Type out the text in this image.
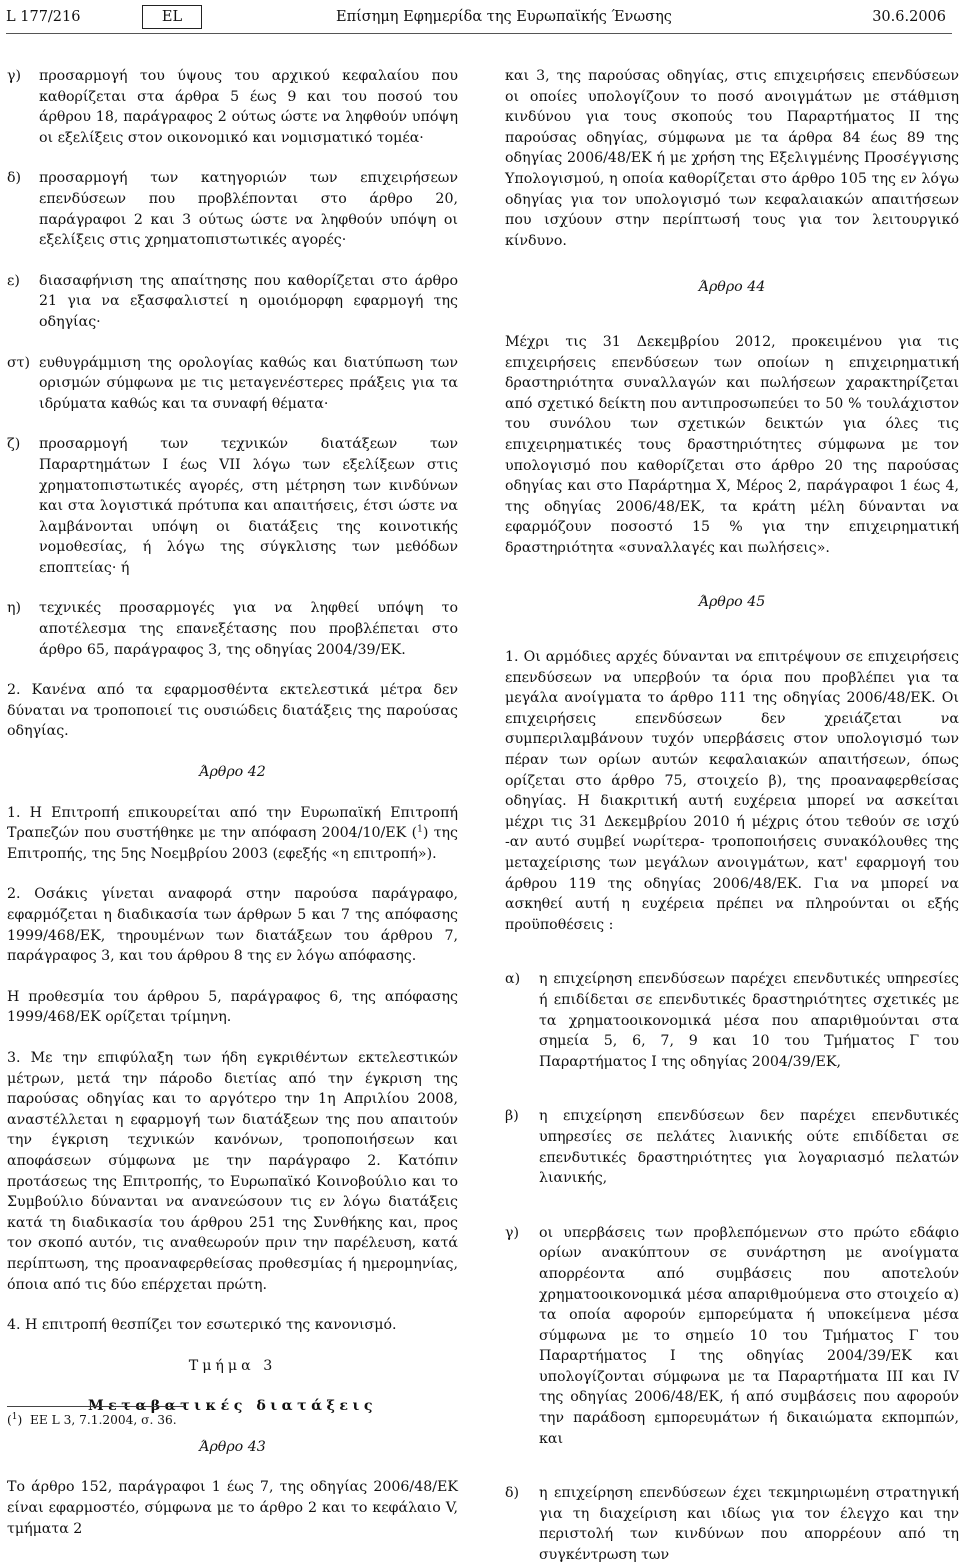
L 177/216	EL	Επίσημη Εφημερίδα της Ευρωπαϊκής Ένωσης	30.6.2006
γ) προσαρμογή του ύψους του αρχικού κεφαλαίου που καθορίζεται στα άρθρα 5 έως 9 και του ποσού του άρθρου 18, παράγραφος 2 ούτως ώστε να ληφθούν υπόψη οι εξελίξεις στον οικονομικό και νομισματικό τομέα·
δ) προσαρμογή των κατηγοριών των επιχειρήσεων επενδύσεων που προβλέπονται στο άρθρο 20, παράγραφοι 2 και 3 ούτως ώστε να ληφθούν υπόψη οι εξελίξεις στις χρηματοπιστωτικές αγορές·
ε) διασαφήνιση της απαίτησης που καθορίζεται στο άρθρο 21 για να εξασφαλιστεί η ομοιόμορφη εφαρμογή της οδηγίας·
στ) ευθυγράμμιση της ορολογίας καθώς και διατύπωση των ορισμών σύμφωνα με τις μεταγενέστερες πράξεις για τα ιδρύματα καθώς και τα συναφή θέματα·
ζ) προσαρμογή των τεχνικών διατάξεων των Παραρτημάτων I έως VII λόγω των εξελίξεων στις χρηματοπιστωτικές αγορές, στη μέτρηση των κινδύνων και στα λογιστικά πρότυπα και απαιτήσεις, έτσι ώστε να λαμβάνονται υπόψη οι διατάξεις της κοινοτικής νομοθεσίας, ή λόγω της σύγκλισης των μεθόδων εποπτείας· ή
η) τεχνικές προσαρμογές για να ληφθεί υπόψη το αποτέλεσμα της επανεξέτασης που προβλέπεται στο άρθρο 65, παράγραφος 3, της οδηγίας 2004/39/ΕΚ.

2. Κανένα από τα εφαρμοσθέντα εκτελεστικά μέτρα δεν δύναται να τροποποιεί τις ουσιώδεις διατάξεις της παρούσας οδηγίας.

Άρθρο 42

1. Η Επιτροπή επικουρείται από την Ευρωπαϊκή Επιτροπή Τραπεζών που συστήθηκε με την απόφαση 2004/10/ΕΚ ($^1$) της Επιτροπής, της 5ης Νοεμβρίου 2003 (εφεξής «η επιτροπή»).

2. Οσάκις γίνεται αναφορά στην παρούσα παράγραφο, εφαρμόζεται η διαδικασία των άρθρων 5 και 7 της απόφασης 1999/468/ΕΚ, τηρουμένων των διατάξεων του άρθρου 7, παράγραφος 3, και του άρθρου 8 της εν λόγω απόφασης.

Η προθεσμία του άρθρου 5, παράγραφος 6, της απόφασης 1999/468/ΕΚ ορίζεται τρίμηνη.

3. Με την επιφύλαξη των ήδη εγκριθέντων εκτελεστικών μέτρων, μετά την πάροδο διετίας από την έγκριση της παρούσας οδηγίας και το αργότερο την 1η Απριλίου 2008, αναστέλλεται η εφαρμογή των διατάξεων της που απαιτούν την έγκριση τεχνικών κανόνων, τροποποιήσεων και αποφάσεων σύμφωνα με την παράγραφο 2. Κατόπιν προτάσεως της Επιτροπής, το Ευρωπαϊκό Κοινοβούλιο και το Συμβούλιο δύνανται να ανανεώσουν τις εν λόγω διατάξεις κατά τη διαδικασία του άρθρου 251 της Συνθήκης και, προς τον σκοπό αυτόν, τις αναθεωρούν πριν την παρέλευση, κατά περίπτωση, της προαναφερθείσας προθεσμίας ή ημερομηνίας, όποια από τις δύο επέρχεται πρώτη.

4. Η επιτροπή θεσπίζει τον εσωτερικό της κανονισμό.

Τμήμα 3

Μεταβατικές διατάξεις

Άρθρο 43

Το άρθρο 152, παράγραφοι 1 έως 7, της οδηγίας 2006/48/ΕΚ είναι εφαρμοστέο, σύμφωνα με το άρθρο 2 και το κεφάλαιο V, τμήματα 2

και 3, της παρούσας οδηγίας, στις επιχειρήσεις επενδύσεων οι οποίες υπολογίζουν το ποσό ανοιγμάτων με στάθμιση κινδύνου για τους σκοπούς του Παραρτήματος II της παρούσας οδηγίας, σύμφωνα με τα άρθρα 84 έως 89 της οδηγίας 2006/48/ΕΚ ή με χρήση της Εξελιγμένης Προσέγγισης Υπολογισμού, η οποία καθορίζεται στο άρθρο 105 της εν λόγω οδηγίας για τον υπολογισμό των κεφαλαιακών απαιτήσεων που ισχύουν στην περίπτωσή τους για τον λειτουργικό κίνδυνο.

Άρθρο 44

Μέχρι τις 31 Δεκεμβρίου 2012, προκειμένου για τις επιχειρήσεις επενδύσεων των οποίων η επιχειρηματική δραστηριότητα συναλλαγών και πωλήσεων χαρακτηρίζεται από σχετικό δείκτη που αντιπροσωπεύει το 50 % τουλάχιστον του συνόλου των σχετικών δεικτών για όλες τις επιχειρηματικές τους δραστηριότητες σύμφωνα με τον υπολογισμό που καθορίζεται στο άρθρο 20 της παρούσας οδηγίας και στο Παράρτημα X, Μέρος 2, παράγραφοι 1 έως 4, της οδηγίας 2006/48/ΕΚ, τα κράτη μέλη δύνανται να εφαρμόζουν ποσοστό 15 % για την επιχειρηματική δραστηριότητα «συναλλαγές και πωλήσεις».

Άρθρο 45

1. Οι αρμόδιες αρχές δύνανται να επιτρέψουν σε επιχειρήσεις επενδύσεων να υπερβούν τα όρια που προβλέπει για τα μεγάλα ανοίγματα το άρθρο 111 της οδηγίας 2006/48/ΕΚ. Οι επιχειρήσεις επενδύσεων δεν χρειάζεται να συμπεριλαμβάνουν τυχόν υπερβάσεις στον υπολογισμό των πέραν των ορίων αυτών κεφαλαιακών απαιτήσεων, όπως ορίζεται στο άρθρο 75, στοιχείο β), της προαναφερθείσας οδηγίας. Η διακριτική αυτή ευχέρεια μπορεί να ασκείται μέχρι τις 31 Δεκεμβρίου 2010 ή μέχρις ότου τεθούν σε ισχύ -αν αυτό συμβεί νωρίτερα- τροποποιήσεις συνακόλουθες της μεταχείρισης των μεγάλων ανοιγμάτων, κατ' εφαρμογή του άρθρου 119 της οδηγίας 2006/48/ΕΚ. Για να μπορεί να ασκηθεί αυτή η ευχέρεια πρέπει να πληρούνται οι εξής προϋποθέσεις :

α) η επιχείρηση επενδύσεων παρέχει επενδυτικές υπηρεσίες ή επιδίδεται σε επενδυτικές δραστηριότητες σχετικές με τα χρηματοοικονομικά μέσα που απαριθμούνται στα σημεία 5, 6, 7, 9 και 10 του Τμήματος Γ του Παραρτήματος I της οδηγίας 2004/39/ΕΚ,
β) η επιχείρηση επενδύσεων δεν παρέχει επενδυτικές υπηρεσίες σε πελάτες λιανικής ούτε επιδίδεται σε επενδυτικές δραστηριότητες για λογαριασμό πελατών λιανικής,
γ) οι υπερβάσεις των προβλεπόμενων στο πρώτο εδάφιο ορίων ανακύπτουν σε συνάρτηση με ανοίγματα απορρέοντα από συμβάσεις που αποτελούν χρηματοοικονομικά μέσα απαριθμούμενα στο στοιχείο α) τα οποία αφορούν εμπορεύματα ή υποκείμενα μέσα σύμφωνα με το σημείο 10 του Τμήματος Γ του Παραρτήματος I της οδηγίας 2004/39/ΕΚ και υπολογίζονται σύμφωνα με τα Παραρτήματα III και IV της οδηγίας 2006/48/ΕΚ, ή από συμβάσεις που αφορούν την παράδοση εμπορευμάτων ή δικαιώματα εκπομπών, και
δ) η επιχείρηση επενδύσεων έχει τεκμηριωμένη στρατηγική για τη διαχείριση και ιδίως για τον έλεγχο και την περιστολή των κινδύνων που απορρέουν από τη συγκέντρωση των
($^1$)  EE L 3, 7.1.2004, σ. 36.
